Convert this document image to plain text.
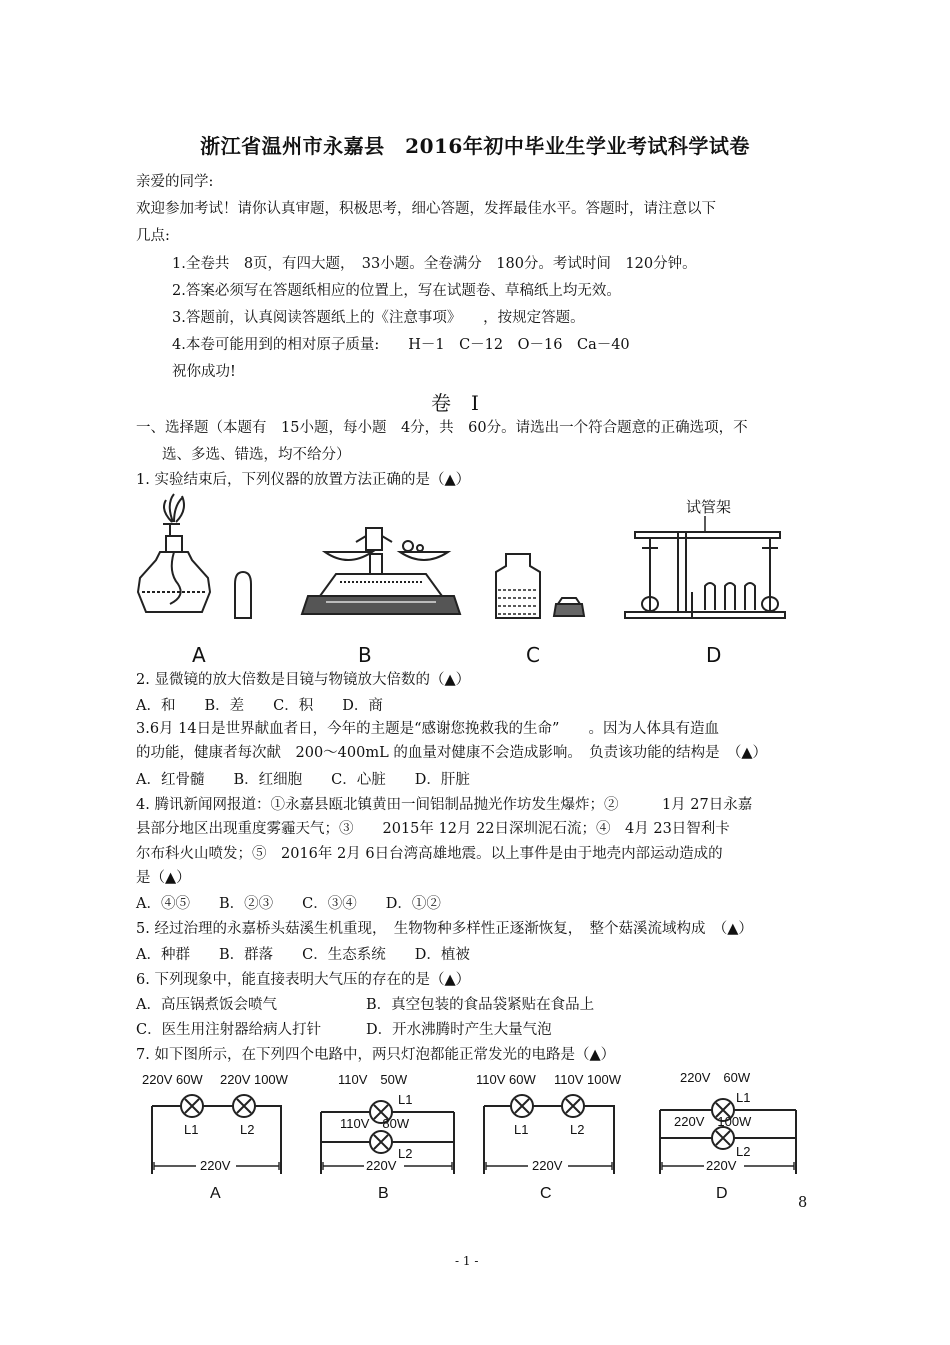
浙江省温州市永嘉县　2016年初中毕业生学业考试科学试卷
亲爱的同学:
欢迎参加考试！请你认真审题，积极思考，细心答题，发挥最佳水平。答题时，请注意以下
几点:
1.全卷共　8页，有四大题，　33小题。全卷满分　180分。考试时间　120分钟。
2.答案必须写在答题纸相应的位置上，写在试题卷、草稿纸上均无效。
3.答题前，认真阅读答题纸上的《注意事项》　　，按规定答题。
4.本卷可能用到的相对原子质量:　　H－1　C－12　O－16　Ca－40
祝你成功!
卷　Ⅰ
一、选择题（本题有　15小题，每小题　4分，共　60分。请选出一个符合题意的正确选项，不
选、多选、错选，均不给分）
1. 实验结束后，下列仪器的放置方法正确的是（▲）
试管架
A	B	C	D
2. 显微镜的放大倍数是目镜与物镜放大倍数的（▲）
A．和　　B．差　　C．积　　D．商
3.6月 14日是世界献血者日，今年的主题是“感谢您挽救我的生命”　　。因为人体具有造血
的功能，健康者每次献　200～400mL 的血量对健康不会造成影响。　负责该功能的结构是　（▲）
A．红骨髓　　B．红细胞　　C．心脏　　D．肝脏
4. 腾讯新闻网报道：①永嘉县瓯北镇黄田一间铝制品抛光作坊发生爆炸；②　　　1月 27日永嘉
县部分地区出现重度雾霾天气；③　　2015年 12月 22日深圳泥石流；④　4月 23日智利卡
尔布科火山喷发；⑤　2016年 2月 6日台湾高雄地震。以上事件是由于地壳内部运动造成的
是（▲）
A．④⑤　　B．②③　　C．③④　　D．①②
5. 经过治理的永嘉桥头菇溪生机重现，　生物物种多样性正逐渐恢复，　整个菇溪流域构成　（▲）
A．种群　　B．群落　　C．生态系统　　D．植被
6. 下列现象中，能直接表明大气压的存在的是（▲）
A．高压锅煮饭会喷气	B．真空包装的食品袋紧贴在食品上
C．医生用注射器给病人打针	D．开水沸腾时产生大量气泡
7. 如下图所示，在下列四个电路中，两只灯泡都能正常发光的电路是（▲）
220V 60W 220V 100W
L1	L2
220V
A
110V　50W
L1
110V　80W
L2
220V
B
110V 60W 110V 100W
L1	L2
220V
C
220V　60W
L1
220V　100W
L2
220V
D
8
- 1 -
